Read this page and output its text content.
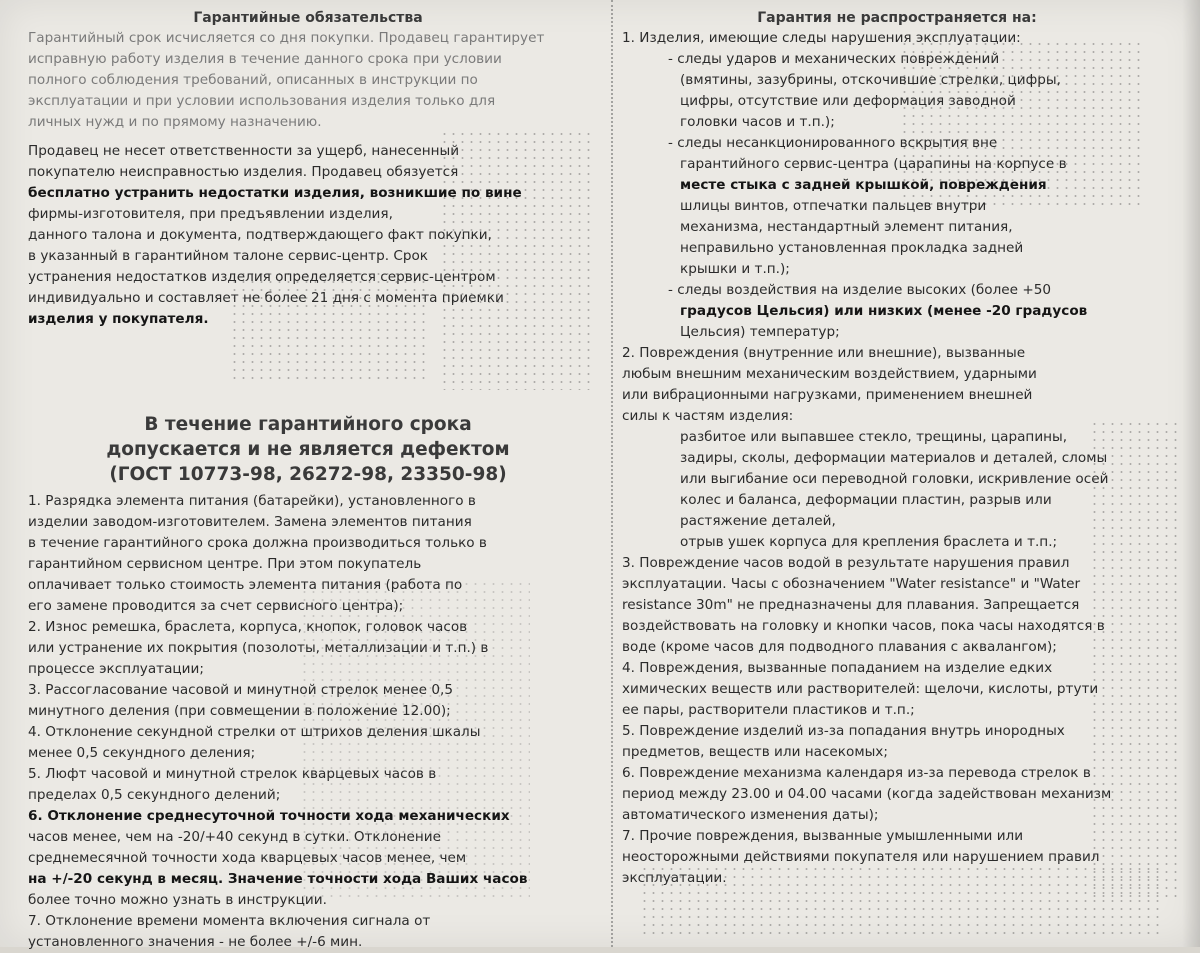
Гарантийные обязательства

Гарантийный срок исчисляется со дня покупки. Продавец гарантирует

исправную работу изделия в течение данного срока при условии

полного соблюдения требований, описанных в инструкции по

эксплуатации и при условии использования изделия только для

личных нужд и по прямому назначению.

Продавец не несет ответственности за ущерб, нанесенный

покупателю неисправностью изделия. Продавец обязуется

бесплатно устранить недостатки изделия, возникшие по вине

фирмы-изготовителя, при предъявлении изделия,

данного талона и документа, подтверждающего факт покупки,

в указанный в гарантийном талоне сервис-центр. Срок

устранения недостатков изделия определяется сервис-центром

индивидуально и составляет не более 21 дня с момента приемки

изделия у покупателя.

В течение гарантийного срока

допускается и не является дефектом

(ГОСТ 10773-98, 26272-98, 23350-98)

1. Разрядка элемента питания (батарейки), установленного в

изделии заводом-изготовителем. Замена элементов питания

в течение гарантийного срока должна производиться только в

гарантийном сервисном центре. При этом покупатель

оплачивает только стоимость элемента питания (работа по

его замене проводится за счет сервисного центра);

2. Износ ремешка, браслета, корпуса, кнопок, головок часов

или устранение их покрытия (позолоты, металлизации и т.п.) в

процессе эксплуатации;

3. Рассогласование часовой и минутной стрелок менее 0,5

минутного деления (при совмещении в положение 12.00);

4. Отклонение секундной стрелки от штрихов деления шкалы

менее 0,5 секундного деления;

5. Люфт часовой и минутной стрелок кварцевых часов в

пределах 0,5 секундного делений;

6. Отклонение среднесуточной точности хода механических

часов менее, чем на -20/+40 секунд в сутки. Отклонение

среднемесячной точности хода кварцевых часов менее, чем

на +/-20 секунд в месяц. Значение точности хода Ваших часов

более точно можно узнать в инструкции.

7. Отклонение времени момента включения сигнала от

установленного значения - не более +/-6 мин.

Гарантия не распространяется на:

1. Изделия, имеющие следы нарушения эксплуатации:

- следы ударов и механических повреждений

(вмятины, зазубрины, отскочившие стрелки, цифры,

цифры, отсутствие или деформация заводной

головки часов и т.п.);

- следы несанкционированного вскрытия вне

гарантийного сервис-центра (царапины на корпусе в

месте стыка с задней крышкой, повреждения

шлицы винтов, отпечатки пальцев внутри

механизма, нестандартный элемент питания,

неправильно установленная прокладка задней

крышки и т.п.);

- следы воздействия на изделие высоких (более +50

градусов Цельсия) или низких (менее -20 градусов

Цельсия) температур;

2. Повреждения (внутренние или внешние), вызванные

любым внешним механическим воздействием, ударными

или вибрационными нагрузками, применением внешней

силы к частям изделия:

разбитое или выпавшее стекло, трещины, царапины,

задиры, сколы, деформации материалов и деталей, сломы

или выгибание оси переводной головки, искривление осей

колес и баланса, деформации пластин, разрыв или

растяжение деталей,

отрыв ушек корпуса для крепления браслета и т.п.;

3. Повреждение часов водой в результате нарушения правил

эксплуатации. Часы с обозначением "Water resistance" и "Water

resistance 30m" не предназначены для плавания. Запрещается

воздействовать на головку и кнопки часов, пока часы находятся в

воде (кроме часов для подводного плавания с аквалангом);

4. Повреждения, вызванные попаданием на изделие едких

химических веществ или растворителей: щелочи, кислоты, ртути

ее пары, растворители пластиков и т.п.;

5. Повреждение изделий из-за попадания внутрь инородных

предметов, веществ или насекомых;

6. Повреждение механизма календаря из-за перевода стрелок в

период между 23.00 и 04.00 часами (когда задействован механизм

автоматического изменения даты);

7. Прочие повреждения, вызванные умышленными или

неосторожными действиями покупателя или нарушением правил

эксплуатации.
